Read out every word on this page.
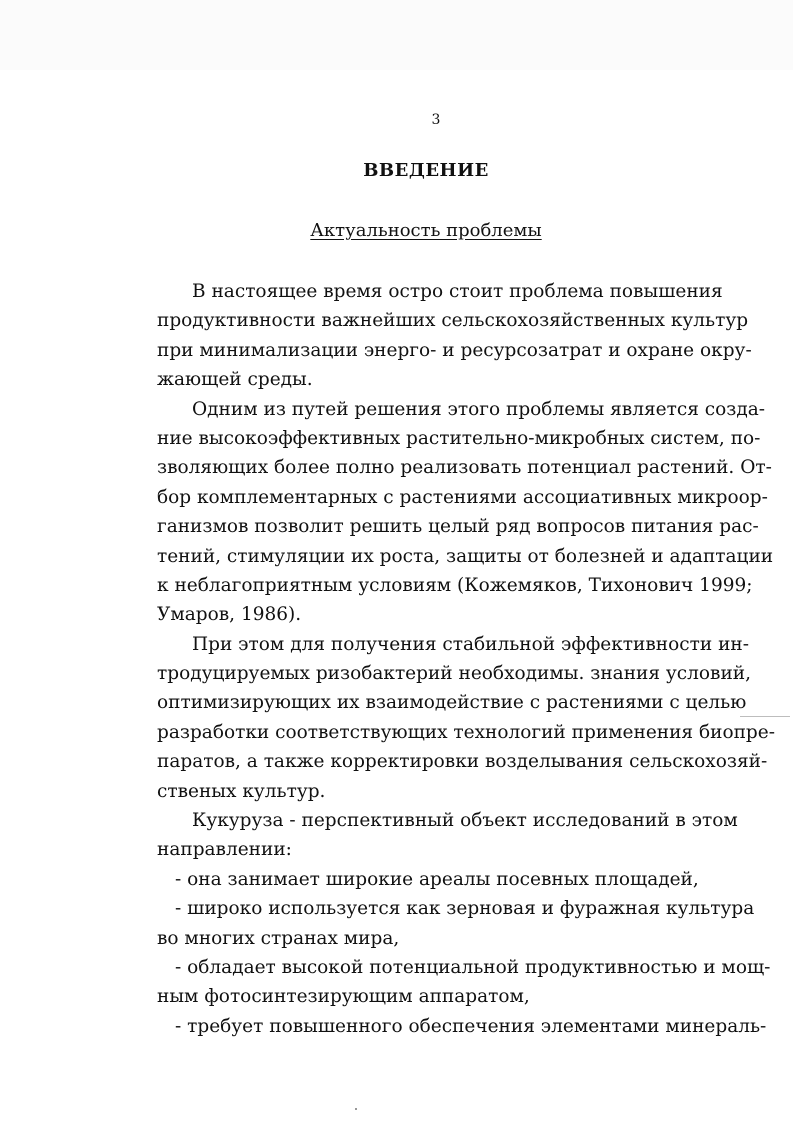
3
ВВЕДЕНИЕ
Актуальность проблемы
В настоящее время остро стоит проблема повышения
продуктивности важнейших сельскохозяйственных культур
при минимализации энерго- и ресурсозатрат и охране окру-
жающей среды.
Одним из путей решения этого проблемы является созда-
ние высокоэффективных растительно-микробных систем, по-
зволяющих более полно реализовать потенциал растений. От-
бор комплементарных с растениями ассоциативных микроор-
ганизмов позволит решить целый ряд вопросов питания рас-
тений, стимуляции их роста, защиты от болезней и адаптации
к неблагоприятным условиям (Кожемяков, Тихонович 1999;
Умаров, 1986).
При этом для получения стабильной эффективности ин-
тродуцируемых ризобактерий необходимы. знания условий,
оптимизирующих их взаимодействие с растениями с целью
разработки соответствующих технологий применения биопре-
паратов, а также корректировки возделывания сельскохозяй-
ственых культур.
Кукуруза - перспективный объект исследований в этом
направлении:
- она занимает широкие ареалы посевных площадей,
- широко используется как зерновая и фуражная культура
во многих странах мира,
- обладает высокой потенциальной продуктивностью и мощ-
ным фотосинтезирующим аппаратом,
- требует повышенного обеспечения элементами минераль-
